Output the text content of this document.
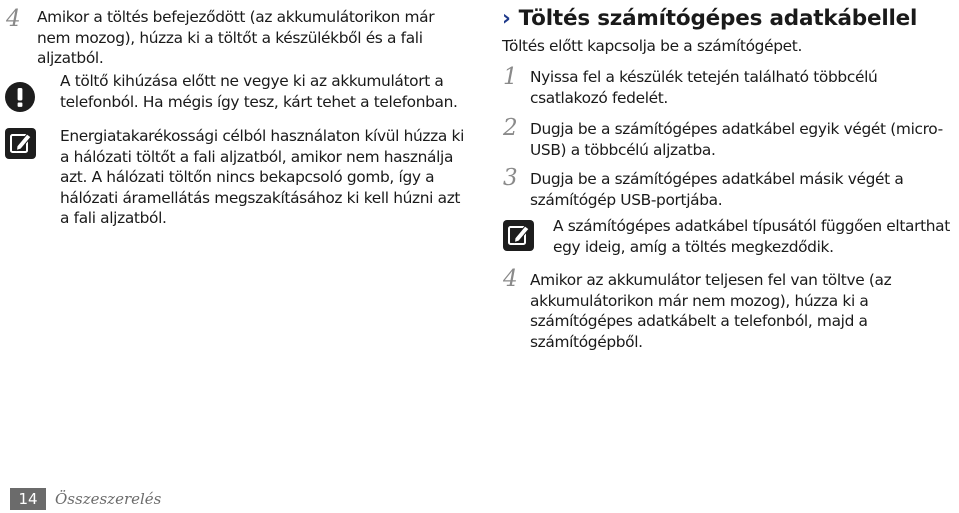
4 Amikor a töltés befejeződött (az akkumulátorikon már nem mozog), húzza ki a töltőt a készülékből és a fali aljzatból.
A töltő kihúzása előtt ne vegye ki az akkumulátort a telefonból. Ha mégis így tesz, kárt tehet a telefonban.
Energiatakarékossági célból használaton kívül húzza ki a hálózati töltőt a fali aljzatból, amikor nem használja azt. A hálózati töltőn nincs bekapcsoló gomb, így a hálózati áramellátás megszakításához ki kell húzni azt a fali aljzatból.
› Töltés számítógépes adatkábellel
Töltés előtt kapcsolja be a számítógépet.
1 Nyissa fel a készülék tetején található többcélú csatlakozó fedelét.
2 Dugja be a számítógépes adatkábel egyik végét (micro-USB) a többcélú aljzatba.
3 Dugja be a számítógépes adatkábel másik végét a számítógép USB-portjába.
A számítógépes adatkábel típusától függően eltarthat egy ideig, amíg a töltés megkezdődik.
4 Amikor az akkumulátor teljesen fel van töltve (az akkumulátorikon már nem mozog), húzza ki a számítógépes adatkábelt a telefonból, majd a számítógépből.
14	Összeszerelés
